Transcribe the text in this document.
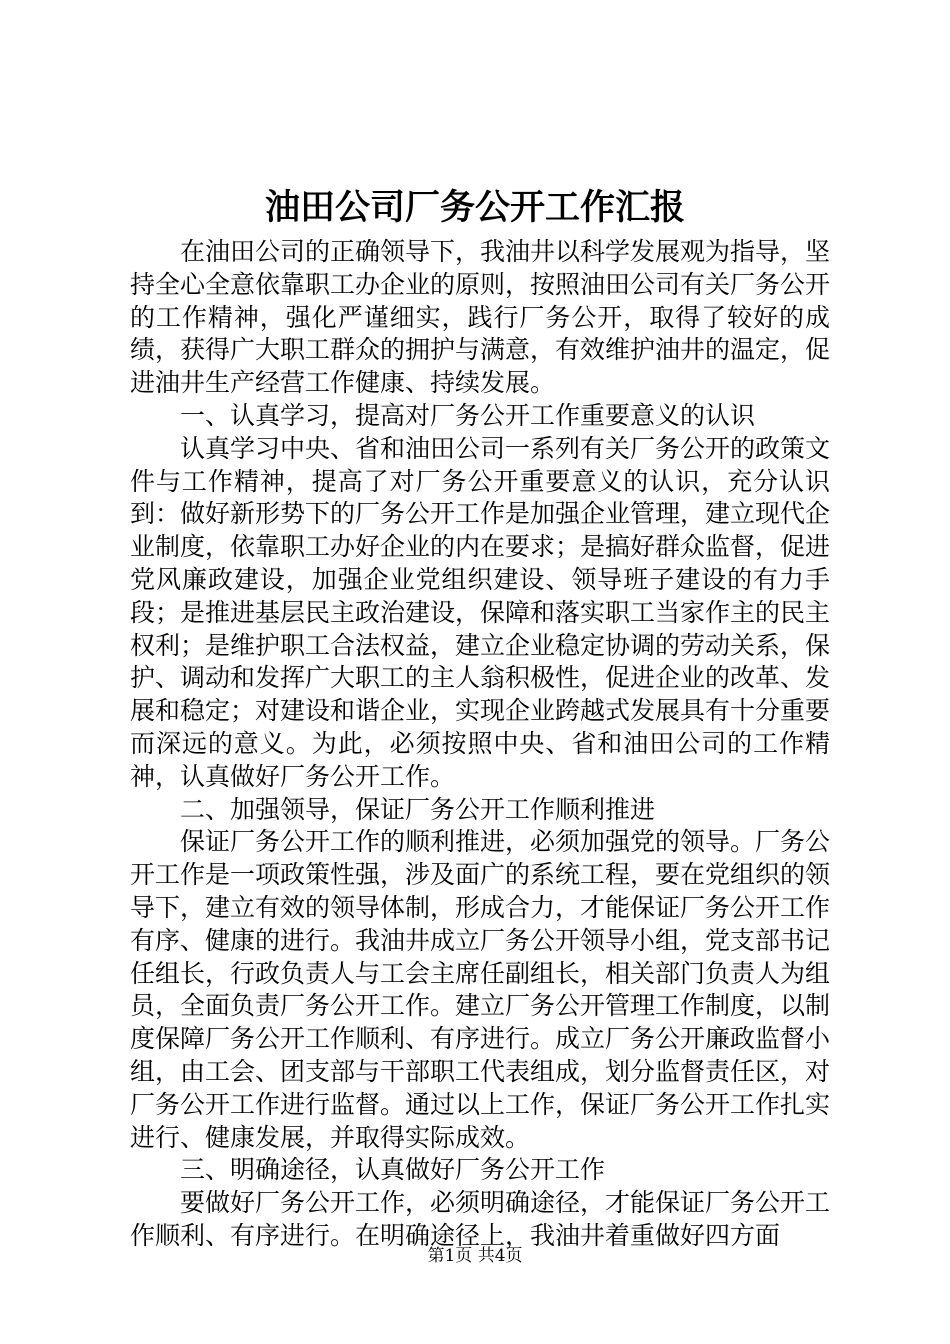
油田公司厂务公开工作汇报

在油田公司的正确领导下，我油井以科学发展观为指导，坚持全心全意依靠职工办企业的原则，按照油田公司有关厂务公开的工作精神，强化严谨细实，践行厂务公开，取得了较好的成绩，获得广大职工群众的拥护与满意，有效维护油井的温定，促进油井生产经营工作健康、持续发展。

一、认真学习，提高对厂务公开工作重要意义的认识

认真学习中央、省和油田公司一系列有关厂务公开的政策文件与工作精神，提高了对厂务公开重要意义的认识，充分认识到：做好新形势下的厂务公开工作是加强企业管理，建立现代企业制度，依靠职工办好企业的内在要求；是搞好群众监督，促进党风廉政建设，加强企业党组织建设、领导班子建设的有力手段；是推进基层民主政治建设，保障和落实职工当家作主的民主权利；是维护职工合法权益，建立企业稳定协调的劳动关系，保护、调动和发挥广大职工的主人翁积极性，促进企业的改革、发展和稳定；对建设和谐企业，实现企业跨越式发展具有十分重要而深远的意义。为此，必须按照中央、省和油田公司的工作精神，认真做好厂务公开工作。

二、加强领导，保证厂务公开工作顺利推进

保证厂务公开工作的顺利推进，必须加强党的领导。厂务公开工作是一项政策性强，涉及面广的系统工程，要在党组织的领导下，建立有效的领导体制，形成合力，才能保证厂务公开工作有序、健康的进行。我油井成立厂务公开领导小组，党支部书记任组长，行政负责人与工会主席任副组长，相关部门负责人为组员，全面负责厂务公开工作。建立厂务公开管理工作制度，以制度保障厂务公开工作顺利、有序进行。成立厂务公开廉政监督小组，由工会、团支部与干部职工代表组成，划分监督责任区，对厂务公开工作进行监督。通过以上工作，保证厂务公开工作扎实进行、健康发展，并取得实际成效。

三、明确途径，认真做好厂务公开工作

要做好厂务公开工作，必须明确途径，才能保证厂务公开工作顺利、有序进行。在明确途径上，我油井着重做好四方面

第1页 共4页
